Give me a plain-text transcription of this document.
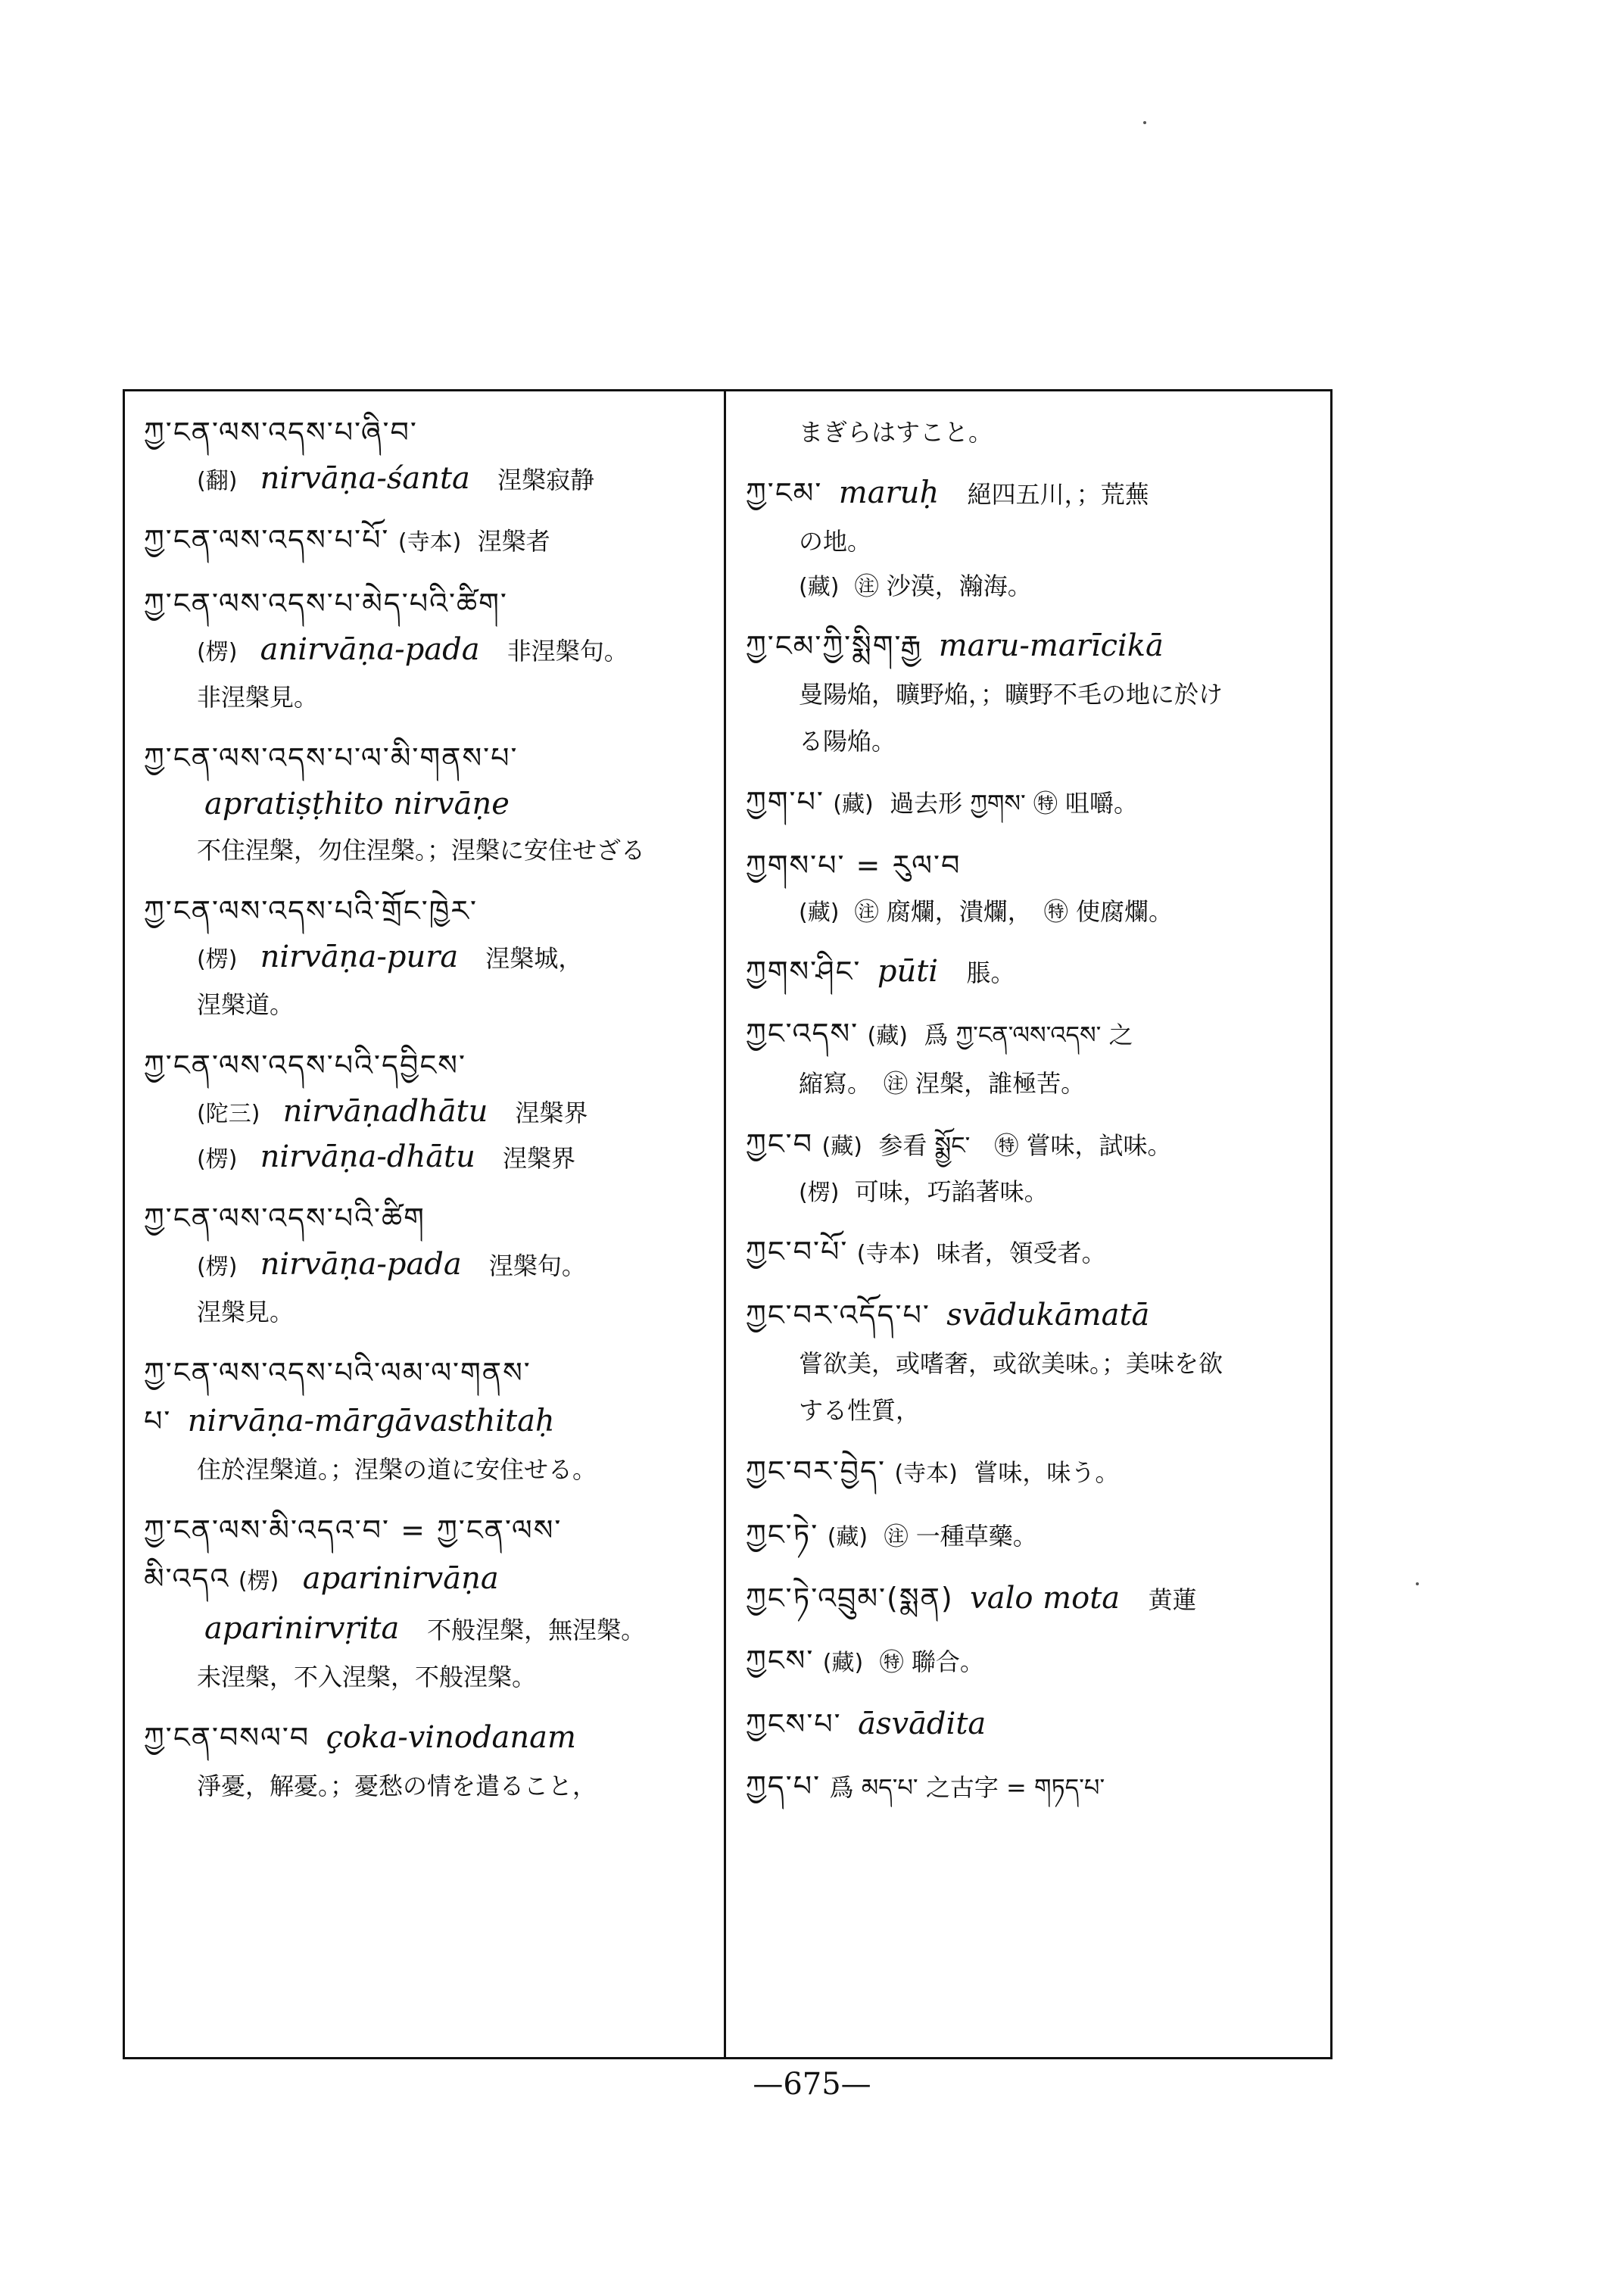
ཀྱ་ངན་ལས་འདས་པ་ཞི་བ་
(翻) nirvāṇa-śanta 涅槃寂静
ཀྱ་ངན་ལས་འདས་པ་པོ་ (寺本) 涅槃者
ཀྱ་ངན་ལས་འདས་པ་མེད་པའི་ཚིག་
(楞) anirvāṇa-pada 非涅槃句。
非涅槃見。
ཀྱ་ངན་ལས་འདས་པ་ལ་མི་གནས་པ་
apratiṣṭhito nirvāṇe
不住涅槃，勿住涅槃。；涅槃に安住せざる
ཀྱ་ངན་ལས་འདས་པའི་གྲོང་ཁྱེར་
(楞) nirvāṇa-pura 涅槃城，
涅槃道。
ཀྱ་ངན་ལས་འདས་པའི་དབྱིངས་
(陀三) nirvāṇadhātu 涅槃界
(楞) nirvāṇa-dhātu 涅槃界
ཀྱ་ངན་ལས་འདས་པའི་ཚིག
(楞) nirvāṇa-pada 涅槃句。
涅槃見。
ཀྱ་ངན་ལས་འདས་པའི་ལམ་ལ་གནས་
པ་ nirvāṇa-mārgāvasthitaḥ
住於涅槃道。；涅槃の道に安住せる。
ཀྱ་ངན་ལས་མི་འདའ་བ་ = ཀྱ་ངན་ལས་
མི་འདའ (楞) aparinirvāṇa
aparinirvṛita 不般涅槃，無涅槃。
未涅槃，不入涅槃，不般涅槃。
ཀྱ་ངན་བསལ་བ çoka-vinodanam
淨憂，解憂。；憂愁の情を遣ること，
まぎらはすこと。
ཀྱ་ངམ་ maruḥ 絕四五川，；荒蕪
の地。
(藏) ㊟ 沙漠，瀚海。
ཀྱ་ངམ་ཀྱི་སྨིག་རྒྱ maru-marīcikā
曼陽焔，曠野焔，；曠野不毛の地に於け
る陽焔。
ཀྱག་པ་ (藏) 過去形 ཀྱགས་ ㊕ 咀嚼。
ཀྱགས་པ་ = རུལ་བ
(藏) ㊟ 腐爛，潰爛，　㊕ 使腐爛。
ཀྱགས་ཤིང་ pūti 脹。
ཀྱང་འདས་ (藏) 爲 ཀྱ་ངན་ལས་འདས་ 之
縮寫。　㊟ 涅槃，誰極苦。
ཀྱང་བ (藏) 参看 སྨྱོང་　㊕ 嘗味，試味。
(楞) 可味，巧諂著味。
ཀྱང་བ་པོ་ (寺本) 味者，領受者。
ཀྱང་བར་འདོད་པ་ svādukāmatā
嘗欲美，或嗜奢，或欲美味。；美味を欲
する性質，
ཀྱང་བར་བྱེད་ (寺本) 嘗味，味う。
ཀྱང་ཏེ་ (藏) ㊟ 一種草藥。
ཀྱང་ཏེ་འབྲུམ་(སྨན) valo mota 黄蓮
ཀྱངས་ (藏) ㊕ 聯合。
ཀྱངས་པ་ āsvādita
ཀྱད་པ་ 爲 མད་པ་ 之古字 = གཏད་པ་
—675—
